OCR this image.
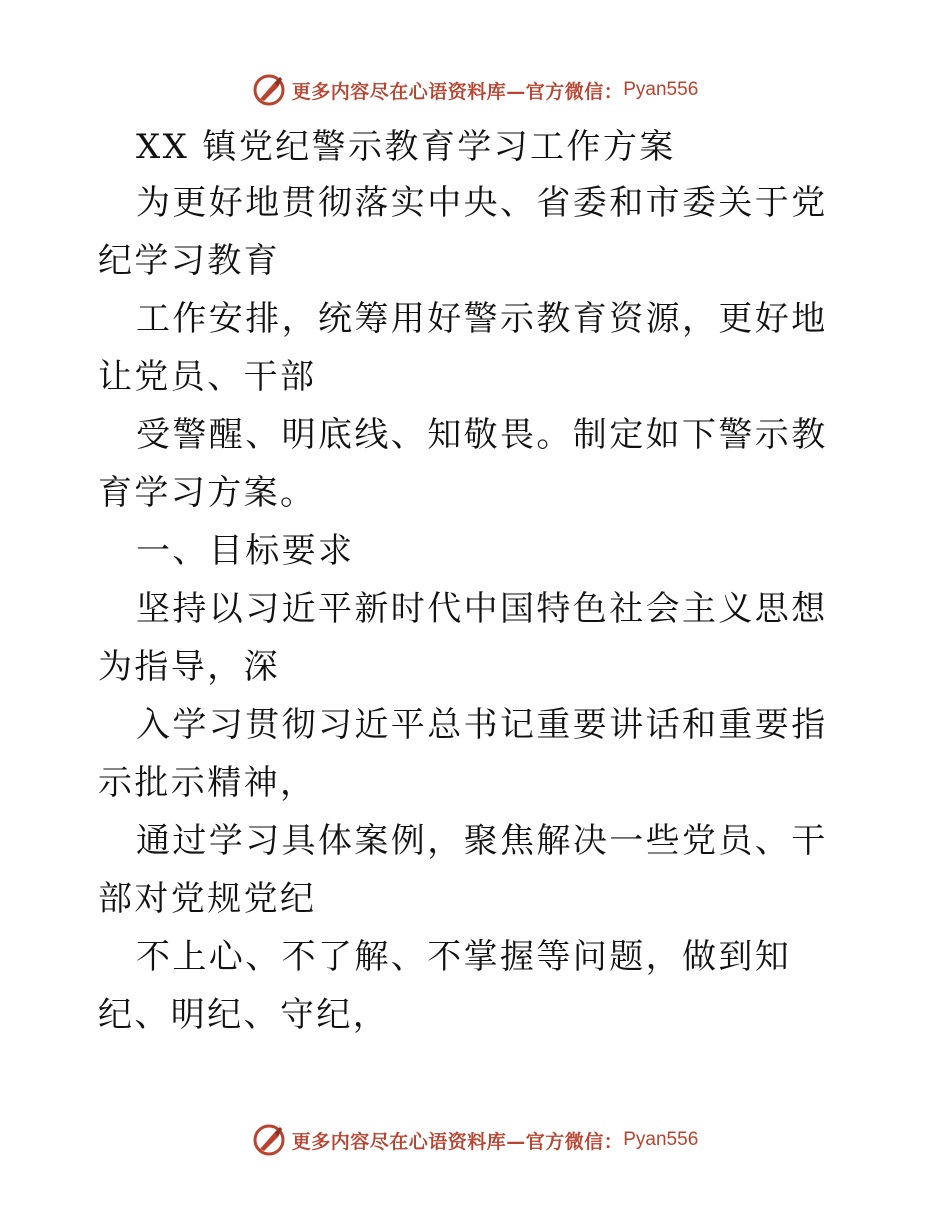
更多内容尽在心语资料库—官方微信： Pyan556

XX 镇党纪警示教育学习工作方案

为更好地贯彻落实中央、省委和市委关于党纪学习教育

工作安排，统筹用好警示教育资源，更好地让党员、干部

受警醒、明底线、知敬畏。制定如下警示教育学习方案。

一、目标要求

坚持以习近平新时代中国特色社会主义思想为指导，深

入学习贯彻习近平总书记重要讲话和重要指示批示精神，

通过学习具体案例，聚焦解决一些党员、干部对党规党纪

不上心、不了解、不掌握等问题，做到知纪、明纪、守纪，

更多内容尽在心语资料库—官方微信： Pyan556
